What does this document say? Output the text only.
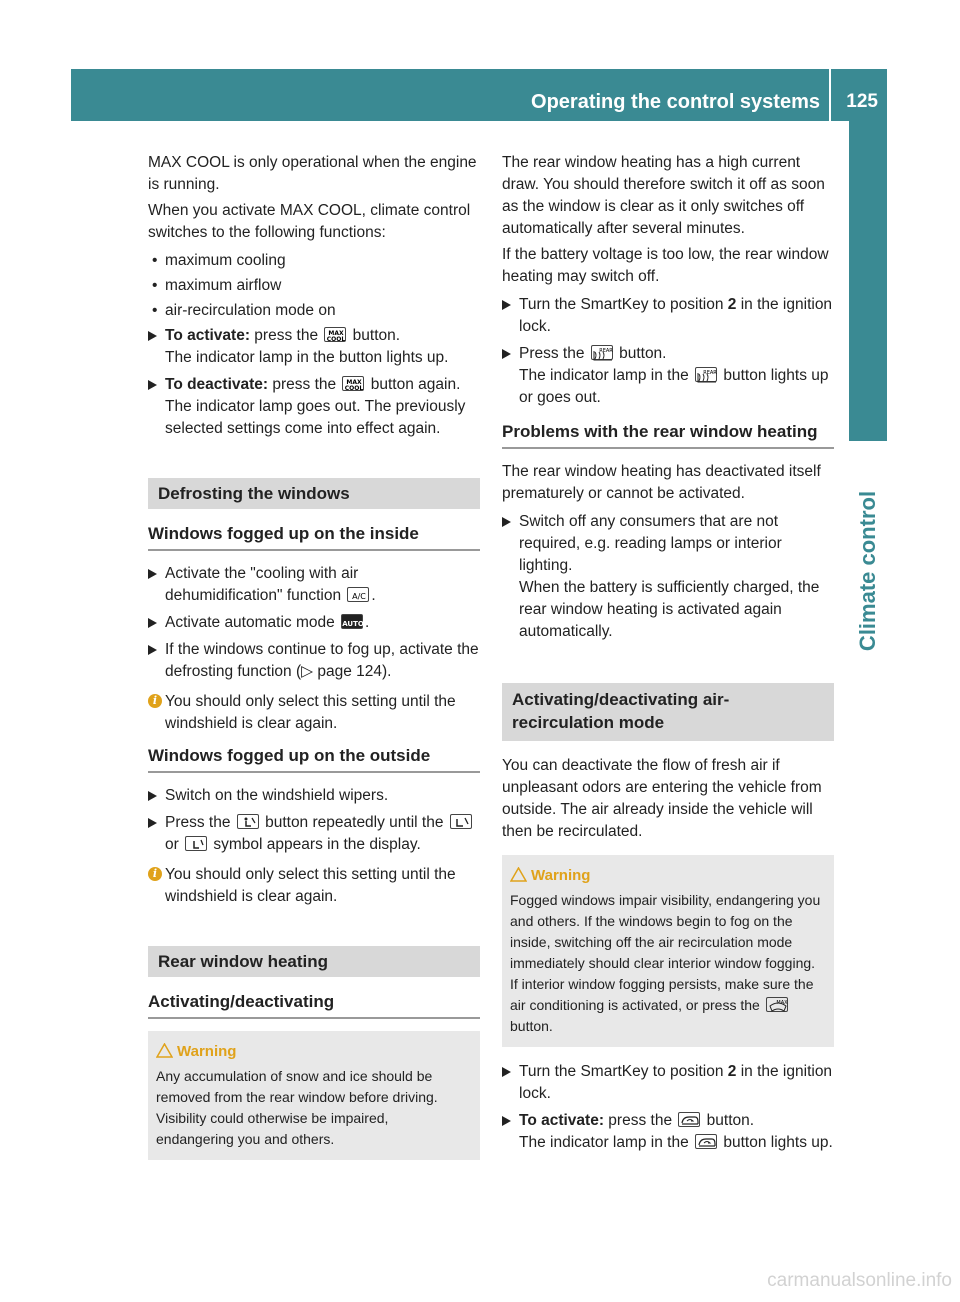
Operating the control systems 125
Climate control
MAX COOL is only operational when the engine is running.
When you activate MAX COOL, climate control switches to the following functions:
• maximum cooling
• maximum airflow
• air-recirculation mode on
To activate: press the MAX
COOL button.
The indicator lamp in the button lights up.
To deactivate: press the MAX
COOL button again.
The indicator lamp goes out. The previously selected settings come into effect again.
Defrosting the windows
Windows fogged up on the inside
Activate the "cooling with air dehumidification" function A/C .
Activate automatic mode AUTO .
If the windows continue to fog up, activate the defrosting function (▷ page 124).
i You should only select this setting until the windshield is clear again.
Windows fogged up on the outside
Switch on the windshield wipers.
Press the
button repeatedly until the
or
symbol appears in the display.
i You should only select this setting until the windshield is clear again.
Rear window heating
Activating/deactivating
Warning
Any accumulation of snow and ice should be removed from the rear window before driving. Visibility could otherwise be impaired, endangering you and others.
The rear window heating has a high current draw. You should therefore switch it off as soon as the window is clear as it only switches off automatically after several minutes.
If the battery voltage is too low, the rear window heating may switch off.
Turn the SmartKey to position 2 in the ignition lock.
Press the REAR button.
The indicator lamp in the REAR button lights up or goes out.
Problems with the rear window heating
The rear window heating has deactivated itself prematurely or cannot be activated.
Switch off any consumers that are not required, e.g. reading lamps or interior lighting.
When the battery is sufficiently charged, the rear window heating is activated again automatically.
Activating/deactivating air-recirculation mode
You can deactivate the flow of fresh air if unpleasant odors are entering the vehicle from outside. The air already inside the vehicle will then be recirculated.
Warning
Fogged windows impair visibility, endangering you and others. If the windows begin to fog on the inside, switching off the air recirculation mode immediately should clear interior window fogging. If interior window fogging persists, make sure the air conditioning is activated, or press the MAX
button.
Turn the SmartKey to position 2 in the ignition lock.
To activate: press the
button.
The indicator lamp in the
button lights up.
carmanualsonline.info
